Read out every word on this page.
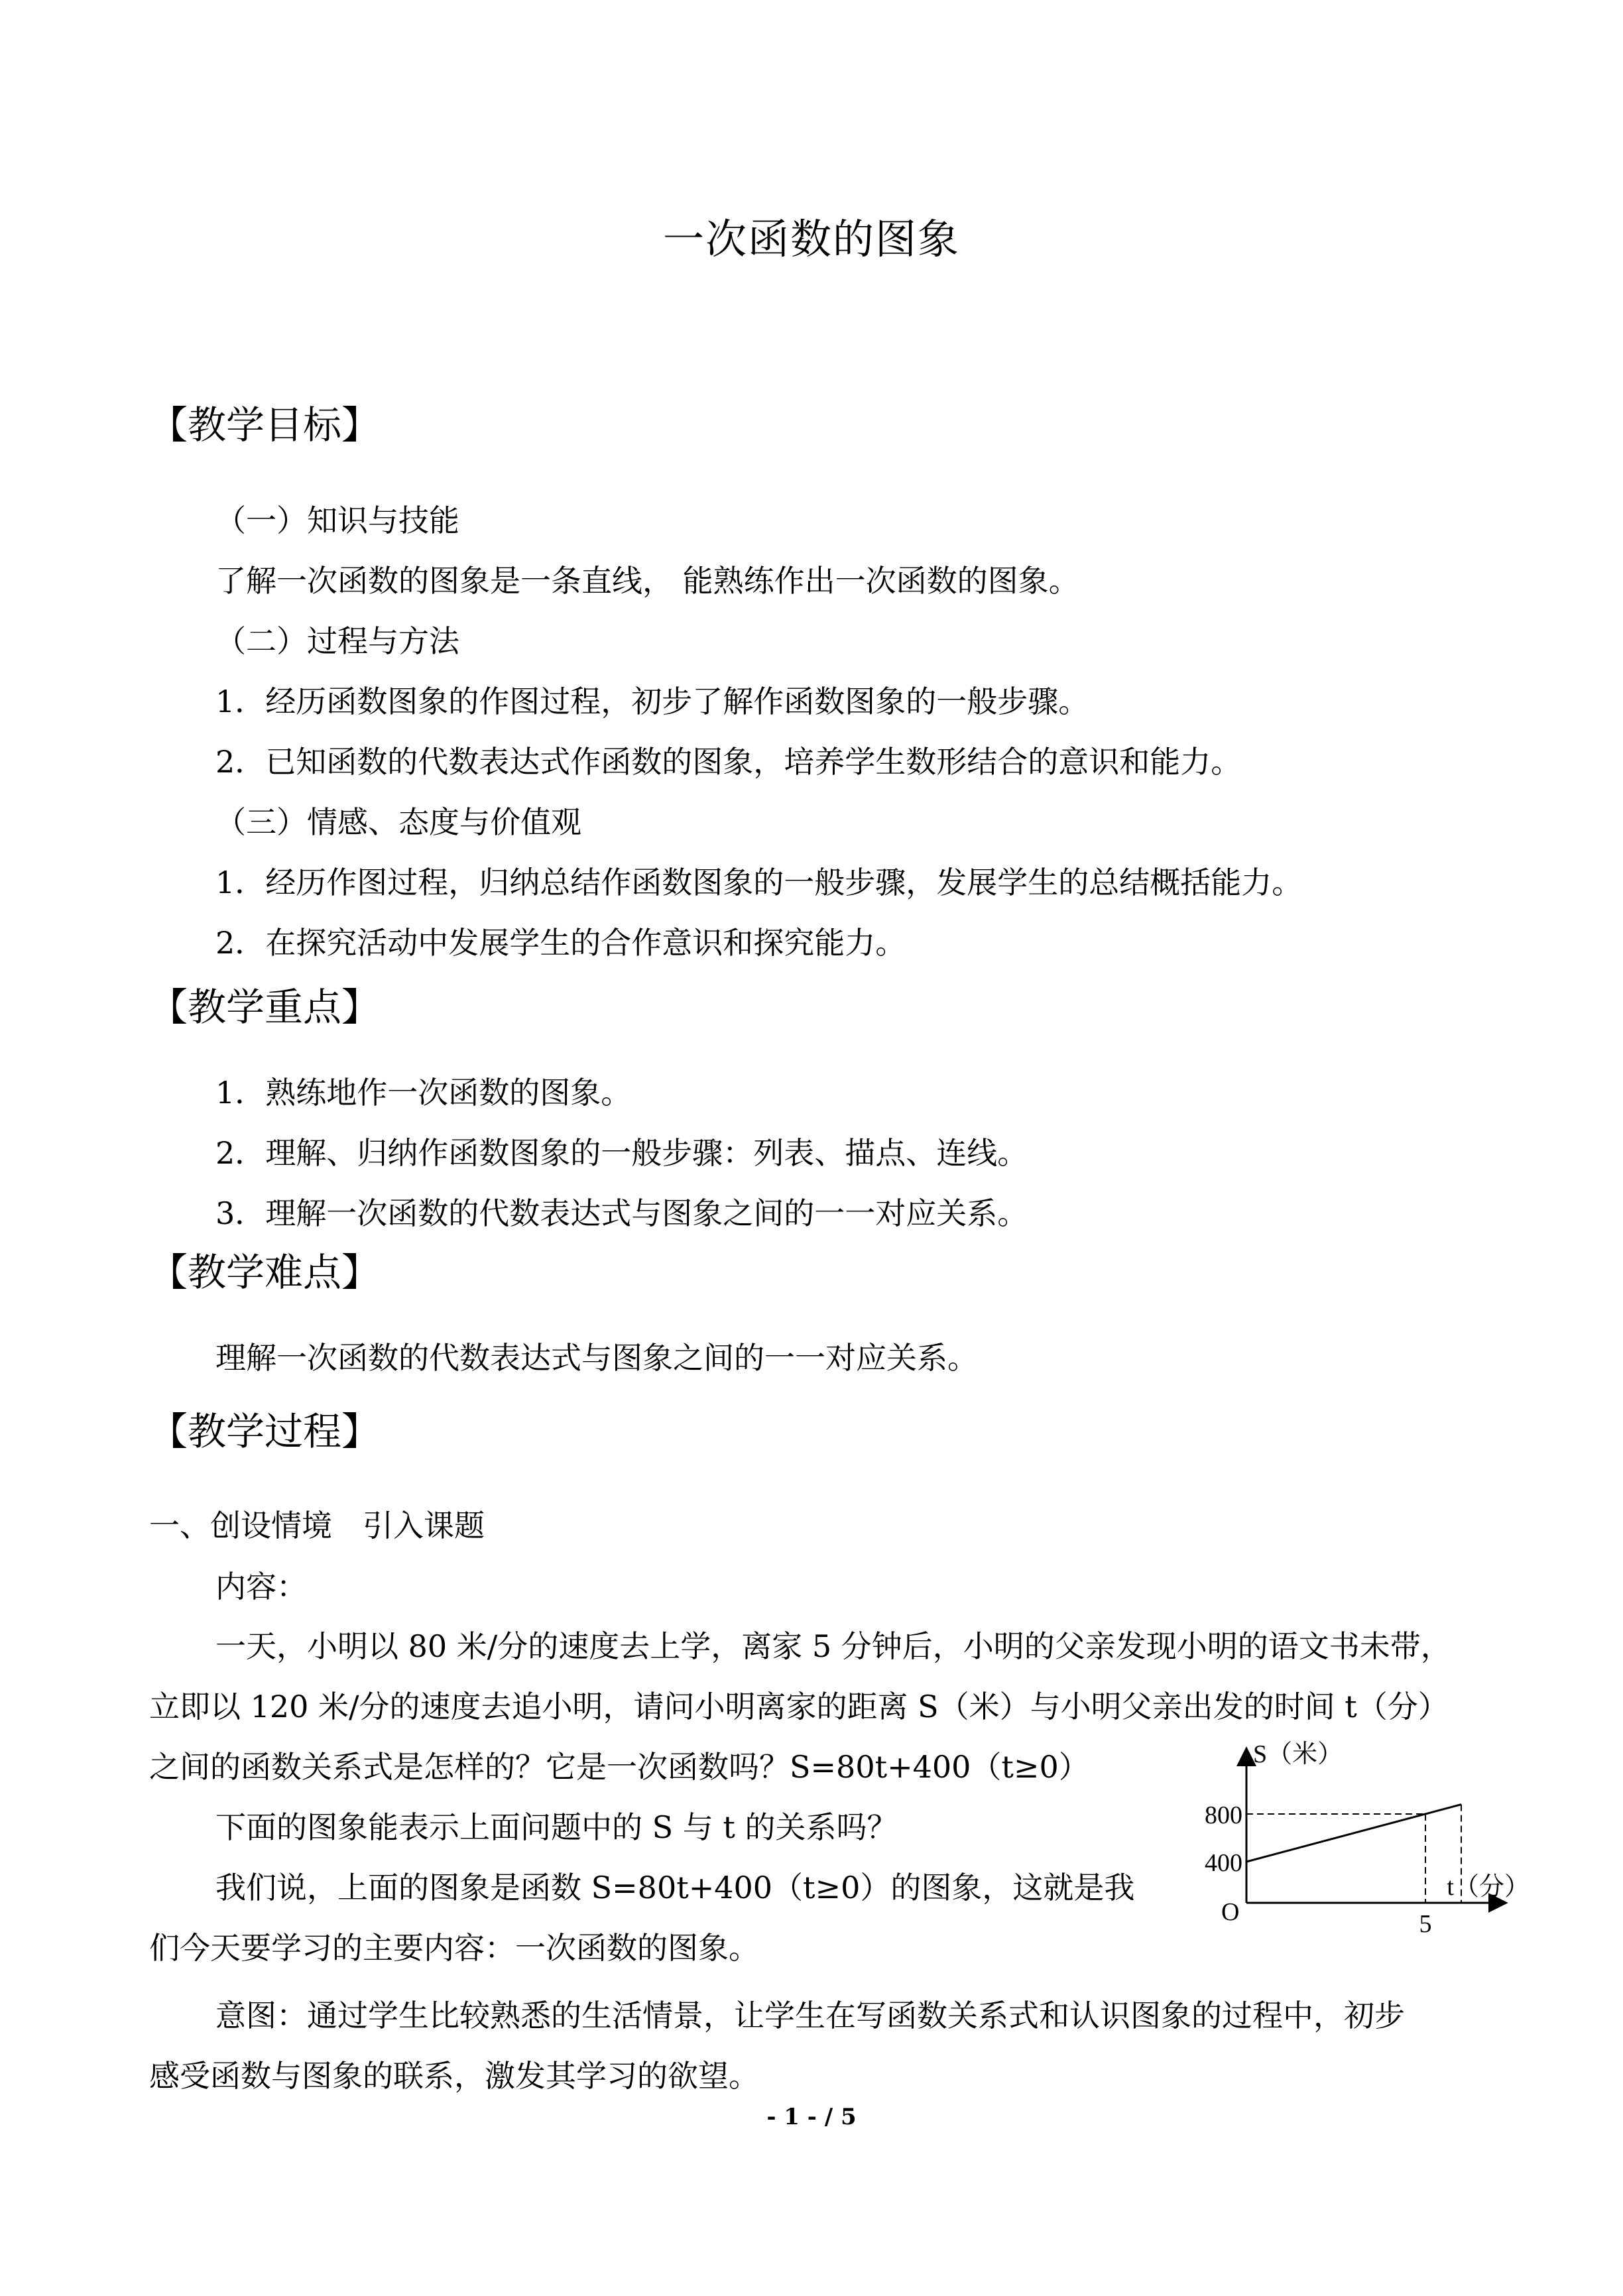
一次函数的图象
【教学目标】
（一）知识与技能
了解一次函数的图象是一条直线， 能熟练作出一次函数的图象。
（二）过程与方法
1．经历函数图象的作图过程，初步了解作函数图象的一般步骤。
2．已知函数的代数表达式作函数的图象，培养学生数形结合的意识和能力。
（三）情感、态度与价值观
1．经历作图过程，归纳总结作函数图象的一般步骤，发展学生的总结概括能力。
2．在探究活动中发展学生的合作意识和探究能力。
【教学重点】
1．熟练地作一次函数的图象。
2．理解、归纳作函数图象的一般步骤：列表、描点、连线。
3．理解一次函数的代数表达式与图象之间的一一对应关系。
【教学难点】
理解一次函数的代数表达式与图象之间的一一对应关系。
【教学过程】
一、创设情境　引入课题
内容：
一天，小明以 80 米/分的速度去上学，离家 5 分钟后，小明的父亲发现小明的语文书未带，
立即以 120 米/分的速度去追小明，请问小明离家的距离 S（米）与小明父亲出发的时间 t（分）
之间的函数关系式是怎样的？它是一次函数吗？S=80t+400（t≥0）
下面的图象能表示上面问题中的 S 与 t 的关系吗？
我们说，上面的图象是函数 S=80t+400（t≥0）的图象，这就是我
们今天要学习的主要内容：一次函数的图象。
意图：通过学生比较熟悉的生活情景，让学生在写函数关系式和认识图象的过程中，初步
感受函数与图象的联系，激发其学习的欲望。
S（米）
t（分）
O
400
800
5
- 1 - / 5
